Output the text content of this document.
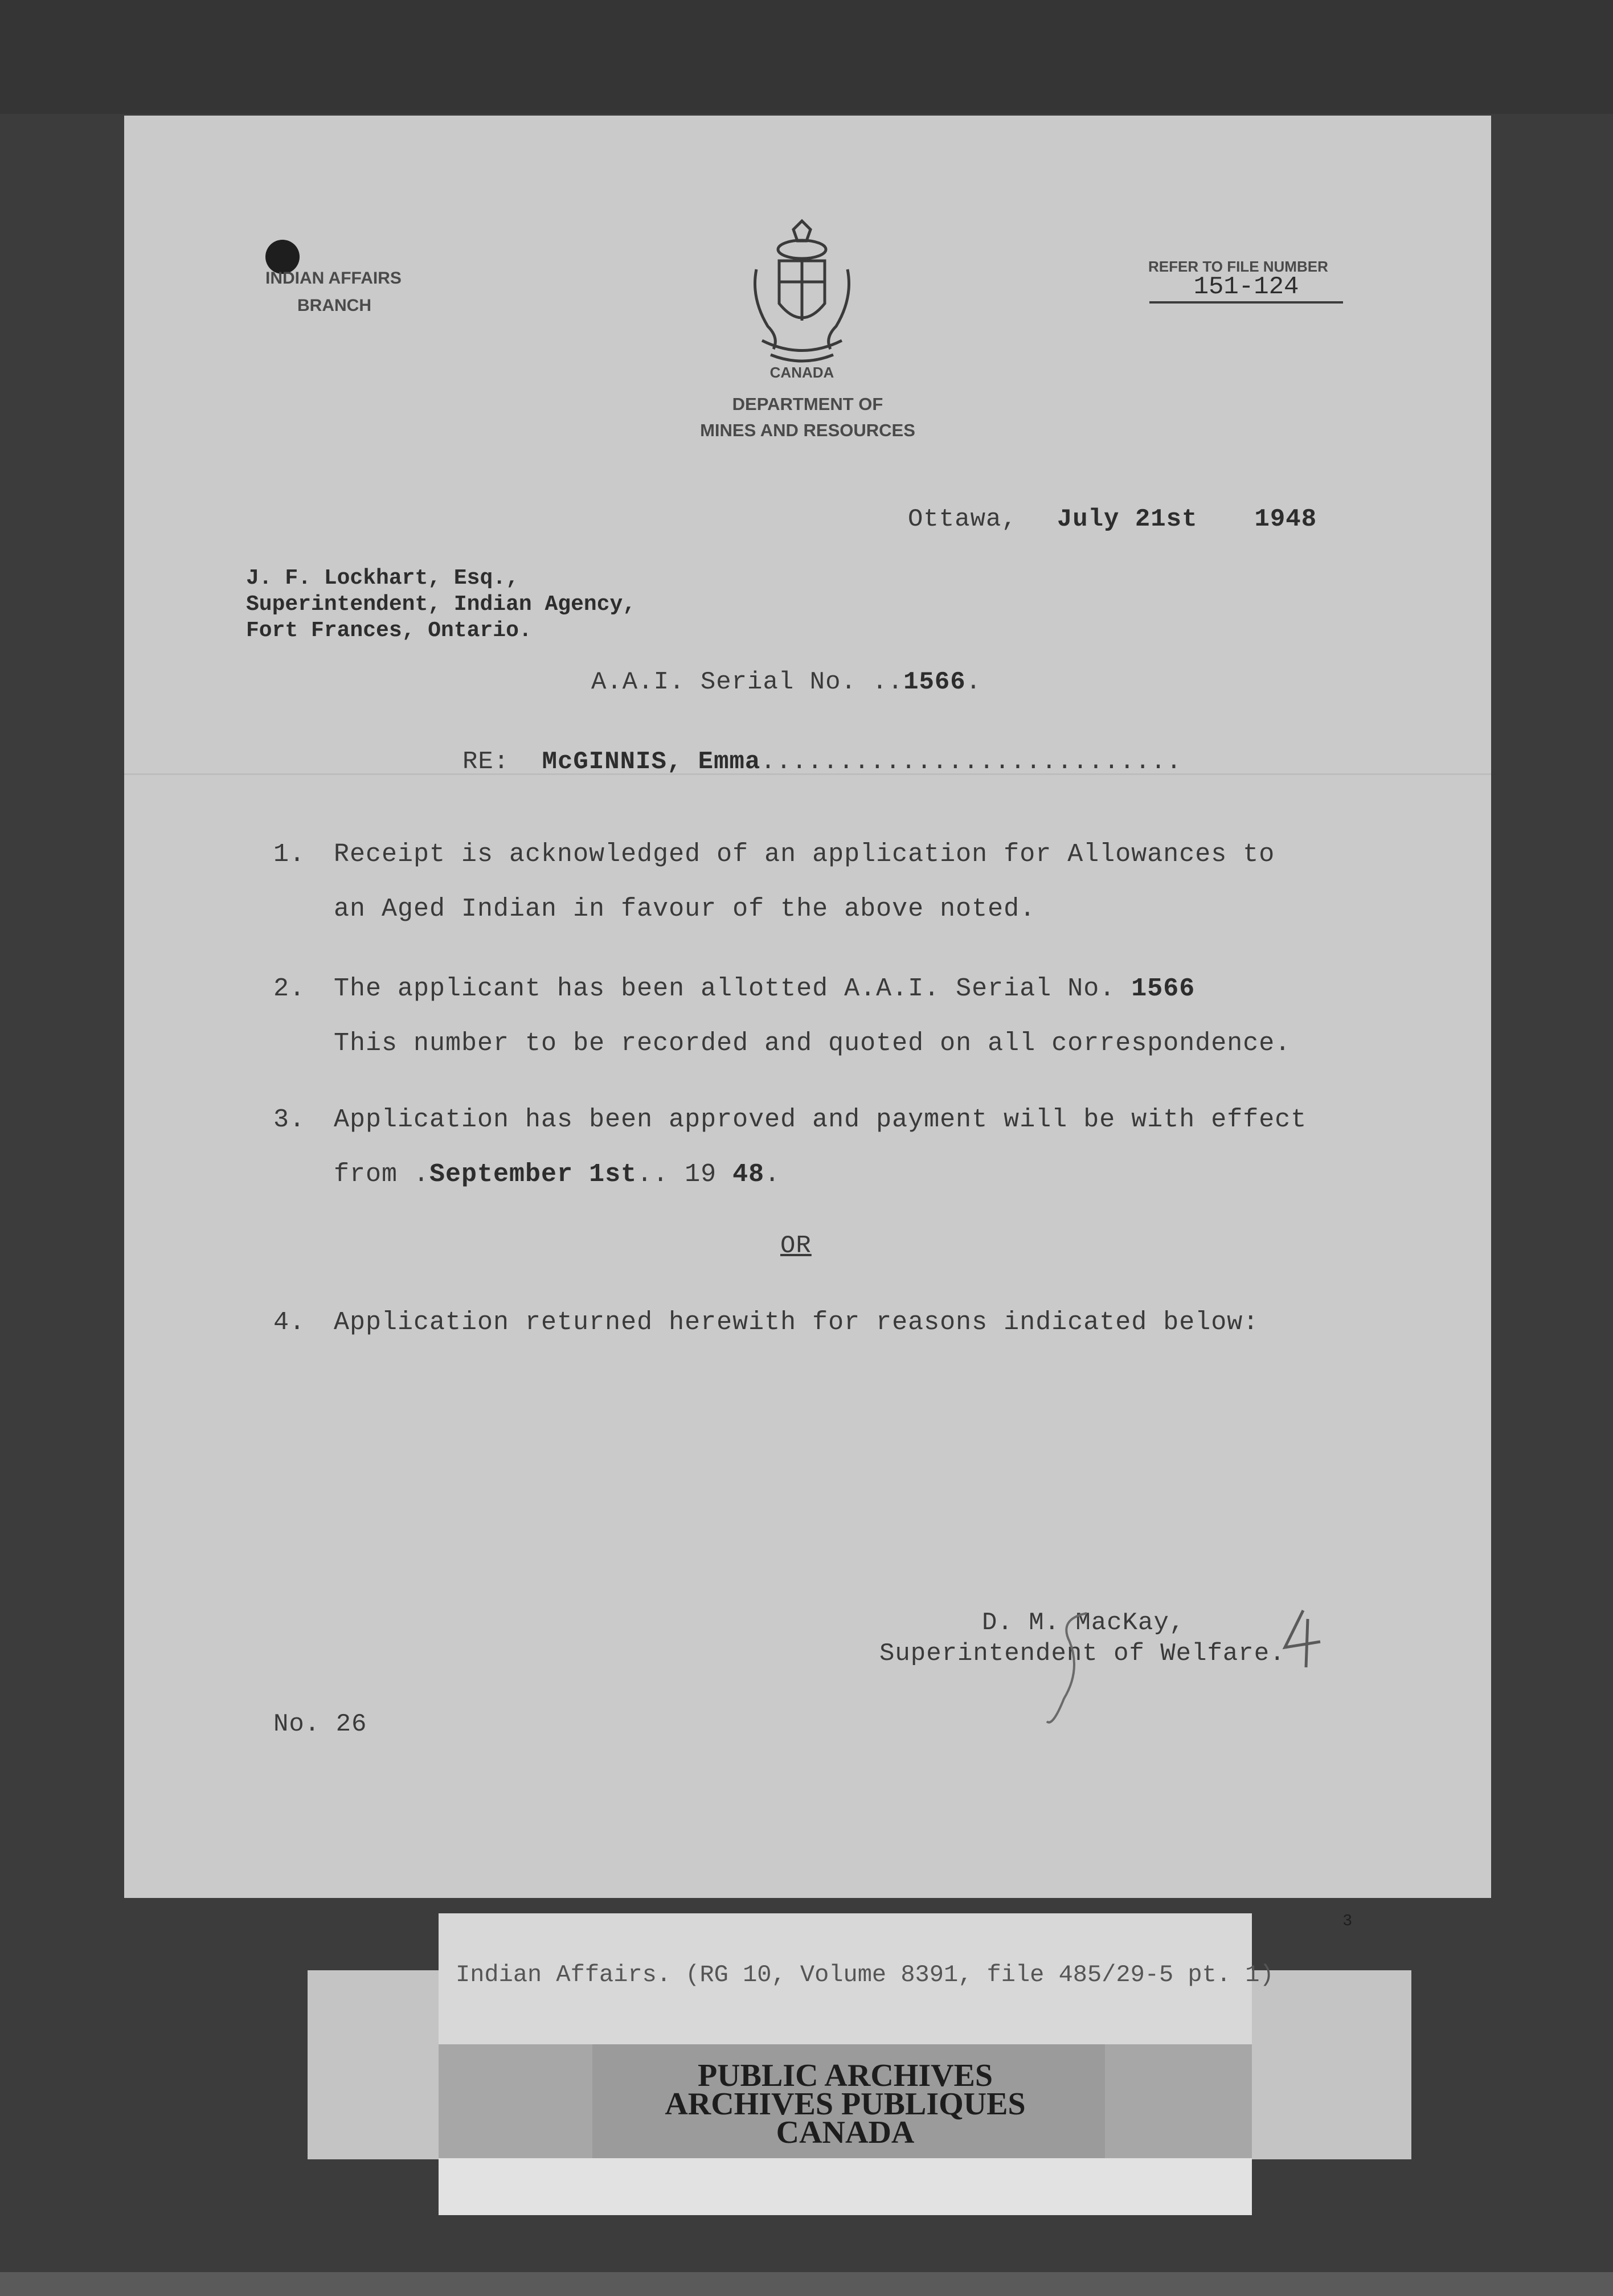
INDIAN AFFAIRS
BRANCH
CANADA
DEPARTMENT OF
MINES AND RESOURCES
REFER TO FILE NUMBER
151-124
Ottawa, July 21st 1948
J. F. Lockhart, Esq.,
Superintendent, Indian Agency,
Fort Frances, Ontario.
A.A.I. Serial No. ..1566.
RE: McGINNIS, Emma...........................
1. Receipt is acknowledged of an application for Allowances to
an Aged Indian in favour of the above noted.
2. The applicant has been allotted A.A.I. Serial No. 1566
This number to be recorded and quoted on all correspondence.
3. Application has been approved and payment will be with effect
from .September 1st.. 19 48.
OR
4. Application returned herewith for reasons indicated below:
D. M. MacKay,
Superintendent of Welfare.
No. 26
Indian Affairs. (RG 10, Volume 8391, file 485/29-5 pt. 1)
PUBLIC ARCHIVES
ARCHIVES PUBLIQUES
CANADA
3
